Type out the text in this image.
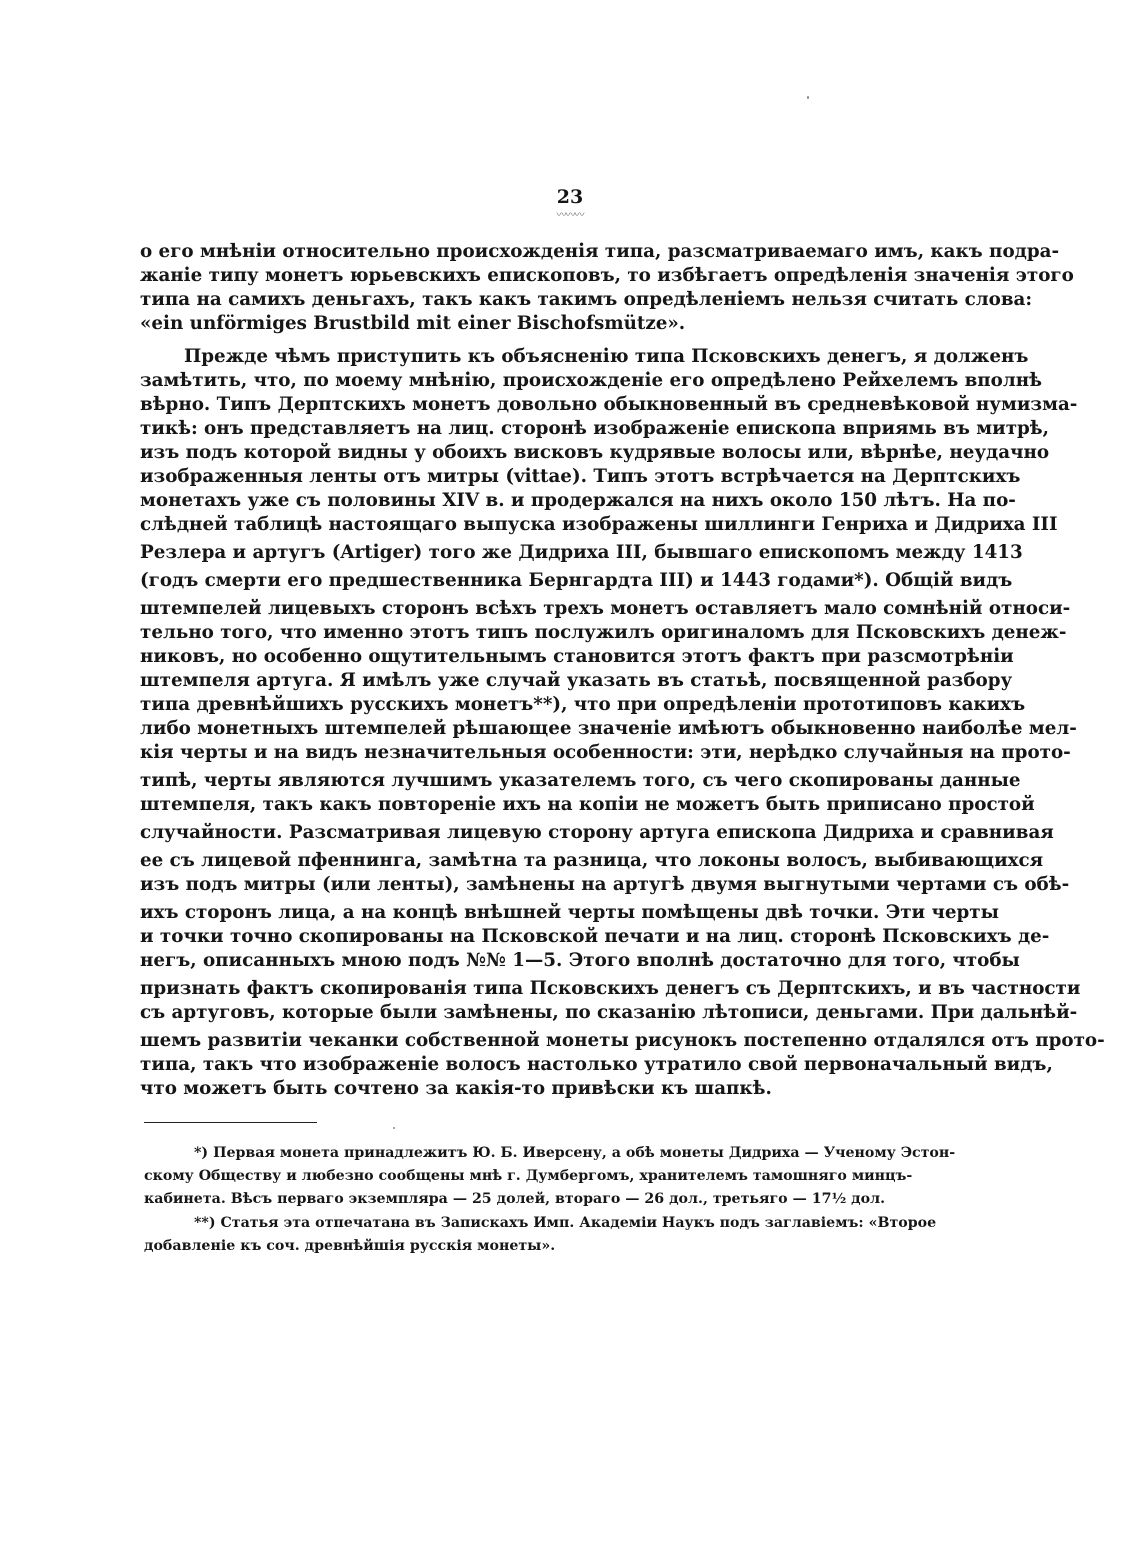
23
〰〰〰
о его мнѣніи относительно происхожденія типа, разсматриваемаго имъ, какъ подра-
жаніе типу монетъ юрьевскихъ епископовъ, то избѣгаетъ опредѣленія значенія этого
типа на самихъ деньгахъ, такъ какъ такимъ опредѣленіемъ нельзя считать слова:
«ein unförmiges Brustbild mit einer Bischofsmütze».
Прежде чѣмъ приступить къ объясненію типа Псковскихъ денегъ, я долженъ
замѣтить, что, по моему мнѣнію, происхожденіе его опредѣлено Рейхелемъ вполнѣ
вѣрно. Типъ Дерптскихъ монетъ довольно обыкновенный въ средневѣковой нумизма-
тикѣ: онъ представляетъ на лиц. сторонѣ изображеніе епископа вприямь въ митрѣ,
изъ подъ которой видны у обоихъ висковъ кудрявые волосы или, вѣрнѣе, неудачно
изображенныя ленты отъ митры (vittae). Типъ этотъ встрѣчается на Дерптскихъ
монетахъ уже съ половины XIV в. и продержался на нихъ около 150 лѣтъ. На по-
слѣдней таблицѣ настоящаго выпуска изображены шиллинги Генриха и Дидриха III
Резлера и артугъ (Artiger) того же Дидриха III, бывшаго епископомъ между 1413
(годъ смерти его предшественника Бернгардта III) и 1443 годами*). Общій видъ
штемпелей лицевыхъ сторонъ всѣхъ трехъ монетъ оставляетъ мало сомнѣній относи-
тельно того, что именно этотъ типъ послужилъ оригиналомъ для Псковскихъ денеж-
никовъ, но особенно ощутительнымъ становится этотъ фактъ при разсмотрѣніи
штемпеля артуга. Я имѣлъ уже случай указать въ статьѣ, посвященной разбору
типа древнѣйшихъ русскихъ монетъ**), что при опредѣленіи прототиповъ какихъ
либо монетныхъ штемпелей рѣшающее значеніе имѣютъ обыкновенно наиболѣе мел-
кія черты и на видъ незначительныя особенности: эти, нерѣдко случайныя на прото-
типѣ, черты являются лучшимъ указателемъ того, съ чего скопированы данные
штемпеля, такъ какъ повтореніе ихъ на копіи не можетъ быть приписано простой
случайности. Разсматривая лицевую сторону артуга епископа Дидриха и сравнивая
ее съ лицевой пфеннинга, замѣтна та разница, что локоны волосъ, выбивающихся
изъ подъ митры (или ленты), замѣнены на артугѣ двумя выгнутыми чертами съ обѣ-
ихъ сторонъ лица, а на концѣ внѣшней черты помѣщены двѣ точки. Эти черты
и точки точно скопированы на Псковской печати и на лиц. сторонѣ Псковскихъ де-
негъ, описанныхъ мною подъ №№ 1—5. Этого вполнѣ достаточно для того, чтобы
признать фактъ скопированія типа Псковскихъ денегъ съ Дерптскихъ, и въ частности
съ артуговъ, которые были замѣнены, по сказанію лѣтописи, деньгами. При дальнѣй-
шемъ развитіи чеканки собственной монеты рисунокъ постепенно отдалялся отъ прото-
типа, такъ что изображеніе волосъ настолько утратило свой первоначальный видъ,
что можетъ быть сочтено за какія-то привѣски къ шапкѣ.
*) Первая монета принадлежитъ Ю. Б. Иверсену, а обѣ монеты Дидриха — Ученому Эстон-
скому Обществу и любезно сообщены мнѣ г. Думбергомъ, хранителемъ тамошняго минцъ-
кабинета. Вѣсъ перваго экземпляра — 25 долей, втораго — 26 дол., третьяго — 17½ дол.
**) Статья эта отпечатана въ Запискахъ Имп. Академіи Наукъ подъ заглавіемъ: «Второе
добавленіе къ соч. древнѣйшія русскія монеты».
